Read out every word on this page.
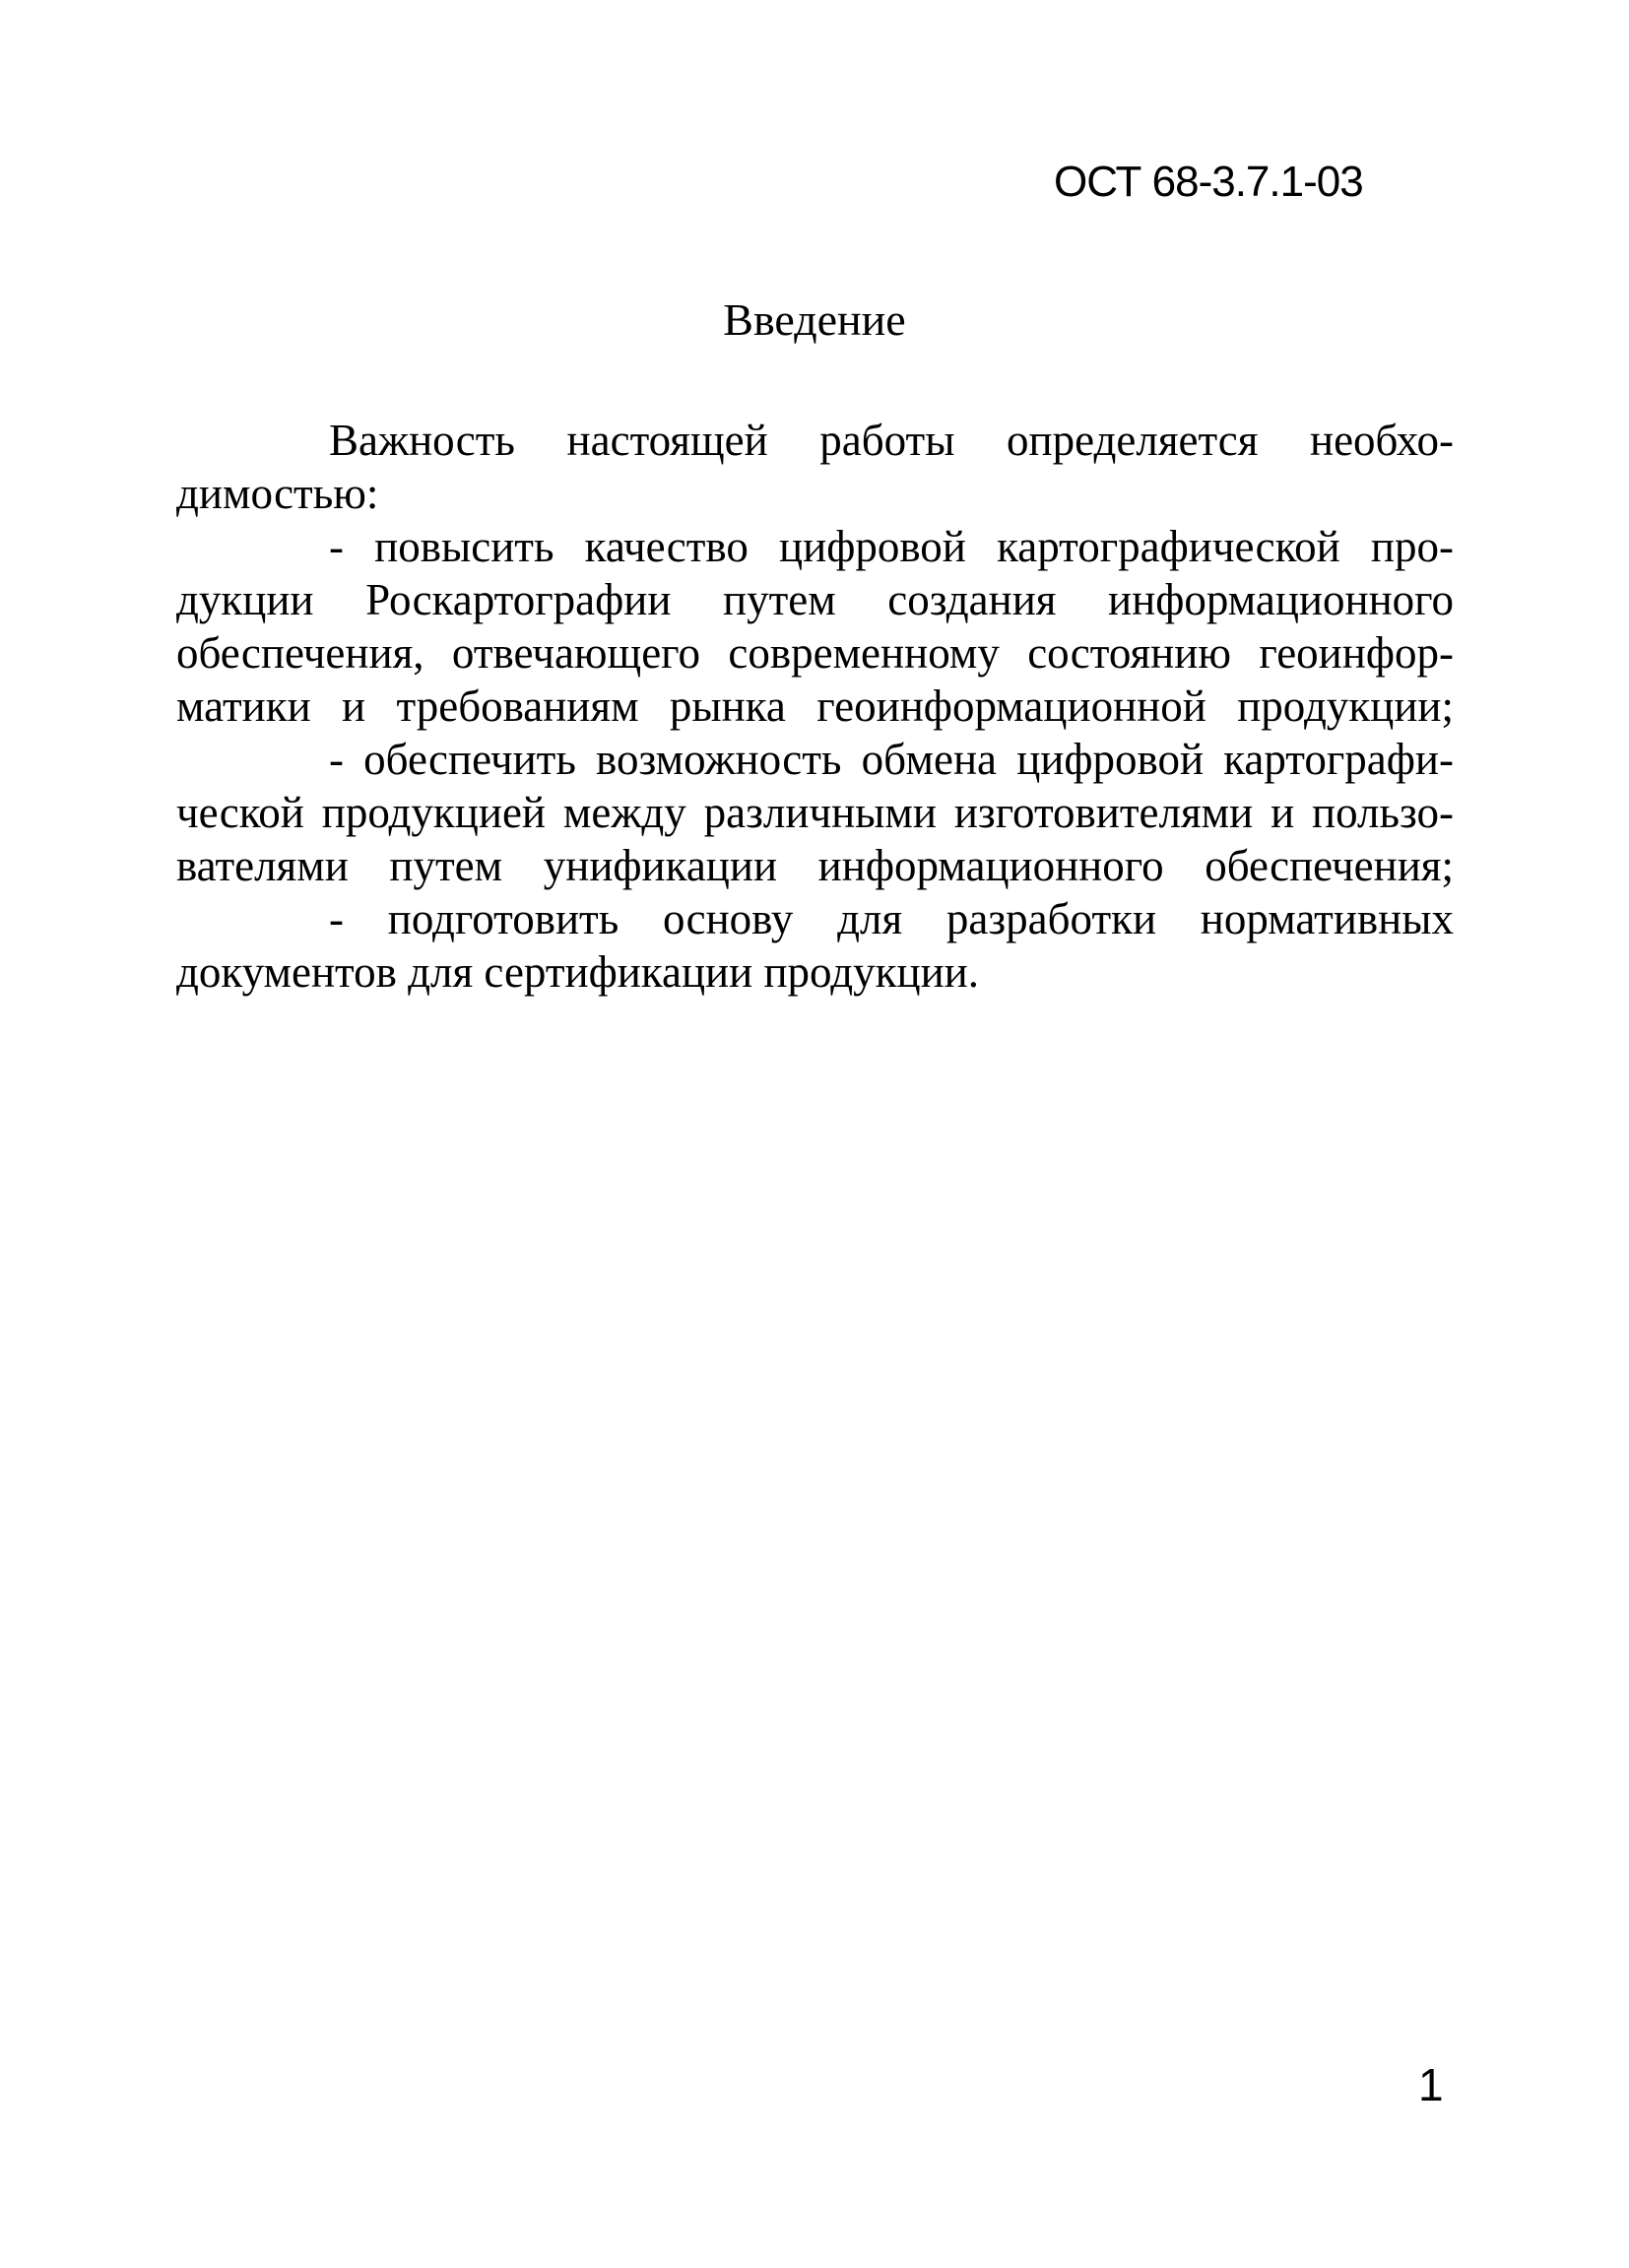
ОСТ 68-3.7.1-03
Введение
Важность настоящей работы определяется необхо-
димостью:
- повысить качество цифровой картографической про-
дукции Роскартографии путем создания информационного
обеспечения, отвечающего современному состоянию геоинфор-
матики и требованиям рынка геоинформационной продукции;
- обеспечить возможность обмена цифровой картографи-
ческой продукцией между различными изготовителями и пользо-
вателями путем унификации информационного обеспечения;
- подготовить основу для разработки нормативных
документов для сертификации продукции.
1
